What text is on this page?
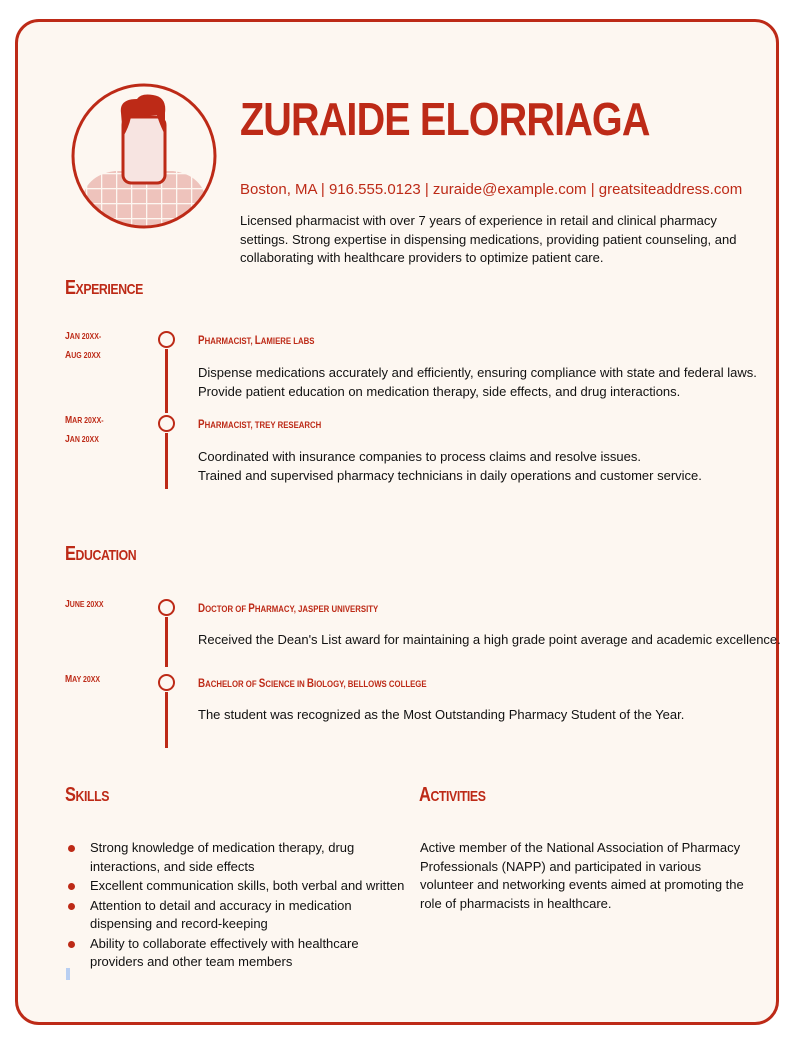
ZURAIDE ELORRIAGA
Boston, MA | 916.555.0123 | zuraide@example.com | greatsiteaddress.com
Licensed pharmacist with over 7 years of experience in retail and clinical pharmacy settings. Strong expertise in dispensing medications, providing patient counseling, and collaborating with healthcare providers to optimize patient care.
EXPERIENCE
JAN 20XX-
AUG 20XX
PHARMACIST, LAMIERE LABS
Dispense medications accurately and efficiently, ensuring compliance with state and federal laws.
Provide patient education on medication therapy, side effects, and drug interactions.
MAR 20XX-
JAN 20XX
PHARMACIST, TREY RESEARCH
Coordinated with insurance companies to process claims and resolve issues.
Trained and supervised pharmacy technicians in daily operations and customer service.
EDUCATION
JUNE 20XX	DOCTOR OF PHARMACY, JASPER UNIVERSITY
Received the Dean's List award for maintaining a high grade point average and academic excellence.
MAY 20XX	BACHELOR OF SCIENCE IN BIOLOGY, BELLOWS COLLEGE
The student was recognized as the Most Outstanding Pharmacy Student of the Year.
SKILLS
Strong knowledge of medication therapy, drug interactions, and side effects
Excellent communication skills, both verbal and written
Attention to detail and accuracy in medication dispensing and record-keeping
Ability to collaborate effectively with healthcare providers and other team members
ACTIVITIES
Active member of the National Association of Pharmacy Professionals (NAPP) and participated in various volunteer and networking events aimed at promoting the role of pharmacists in healthcare.
